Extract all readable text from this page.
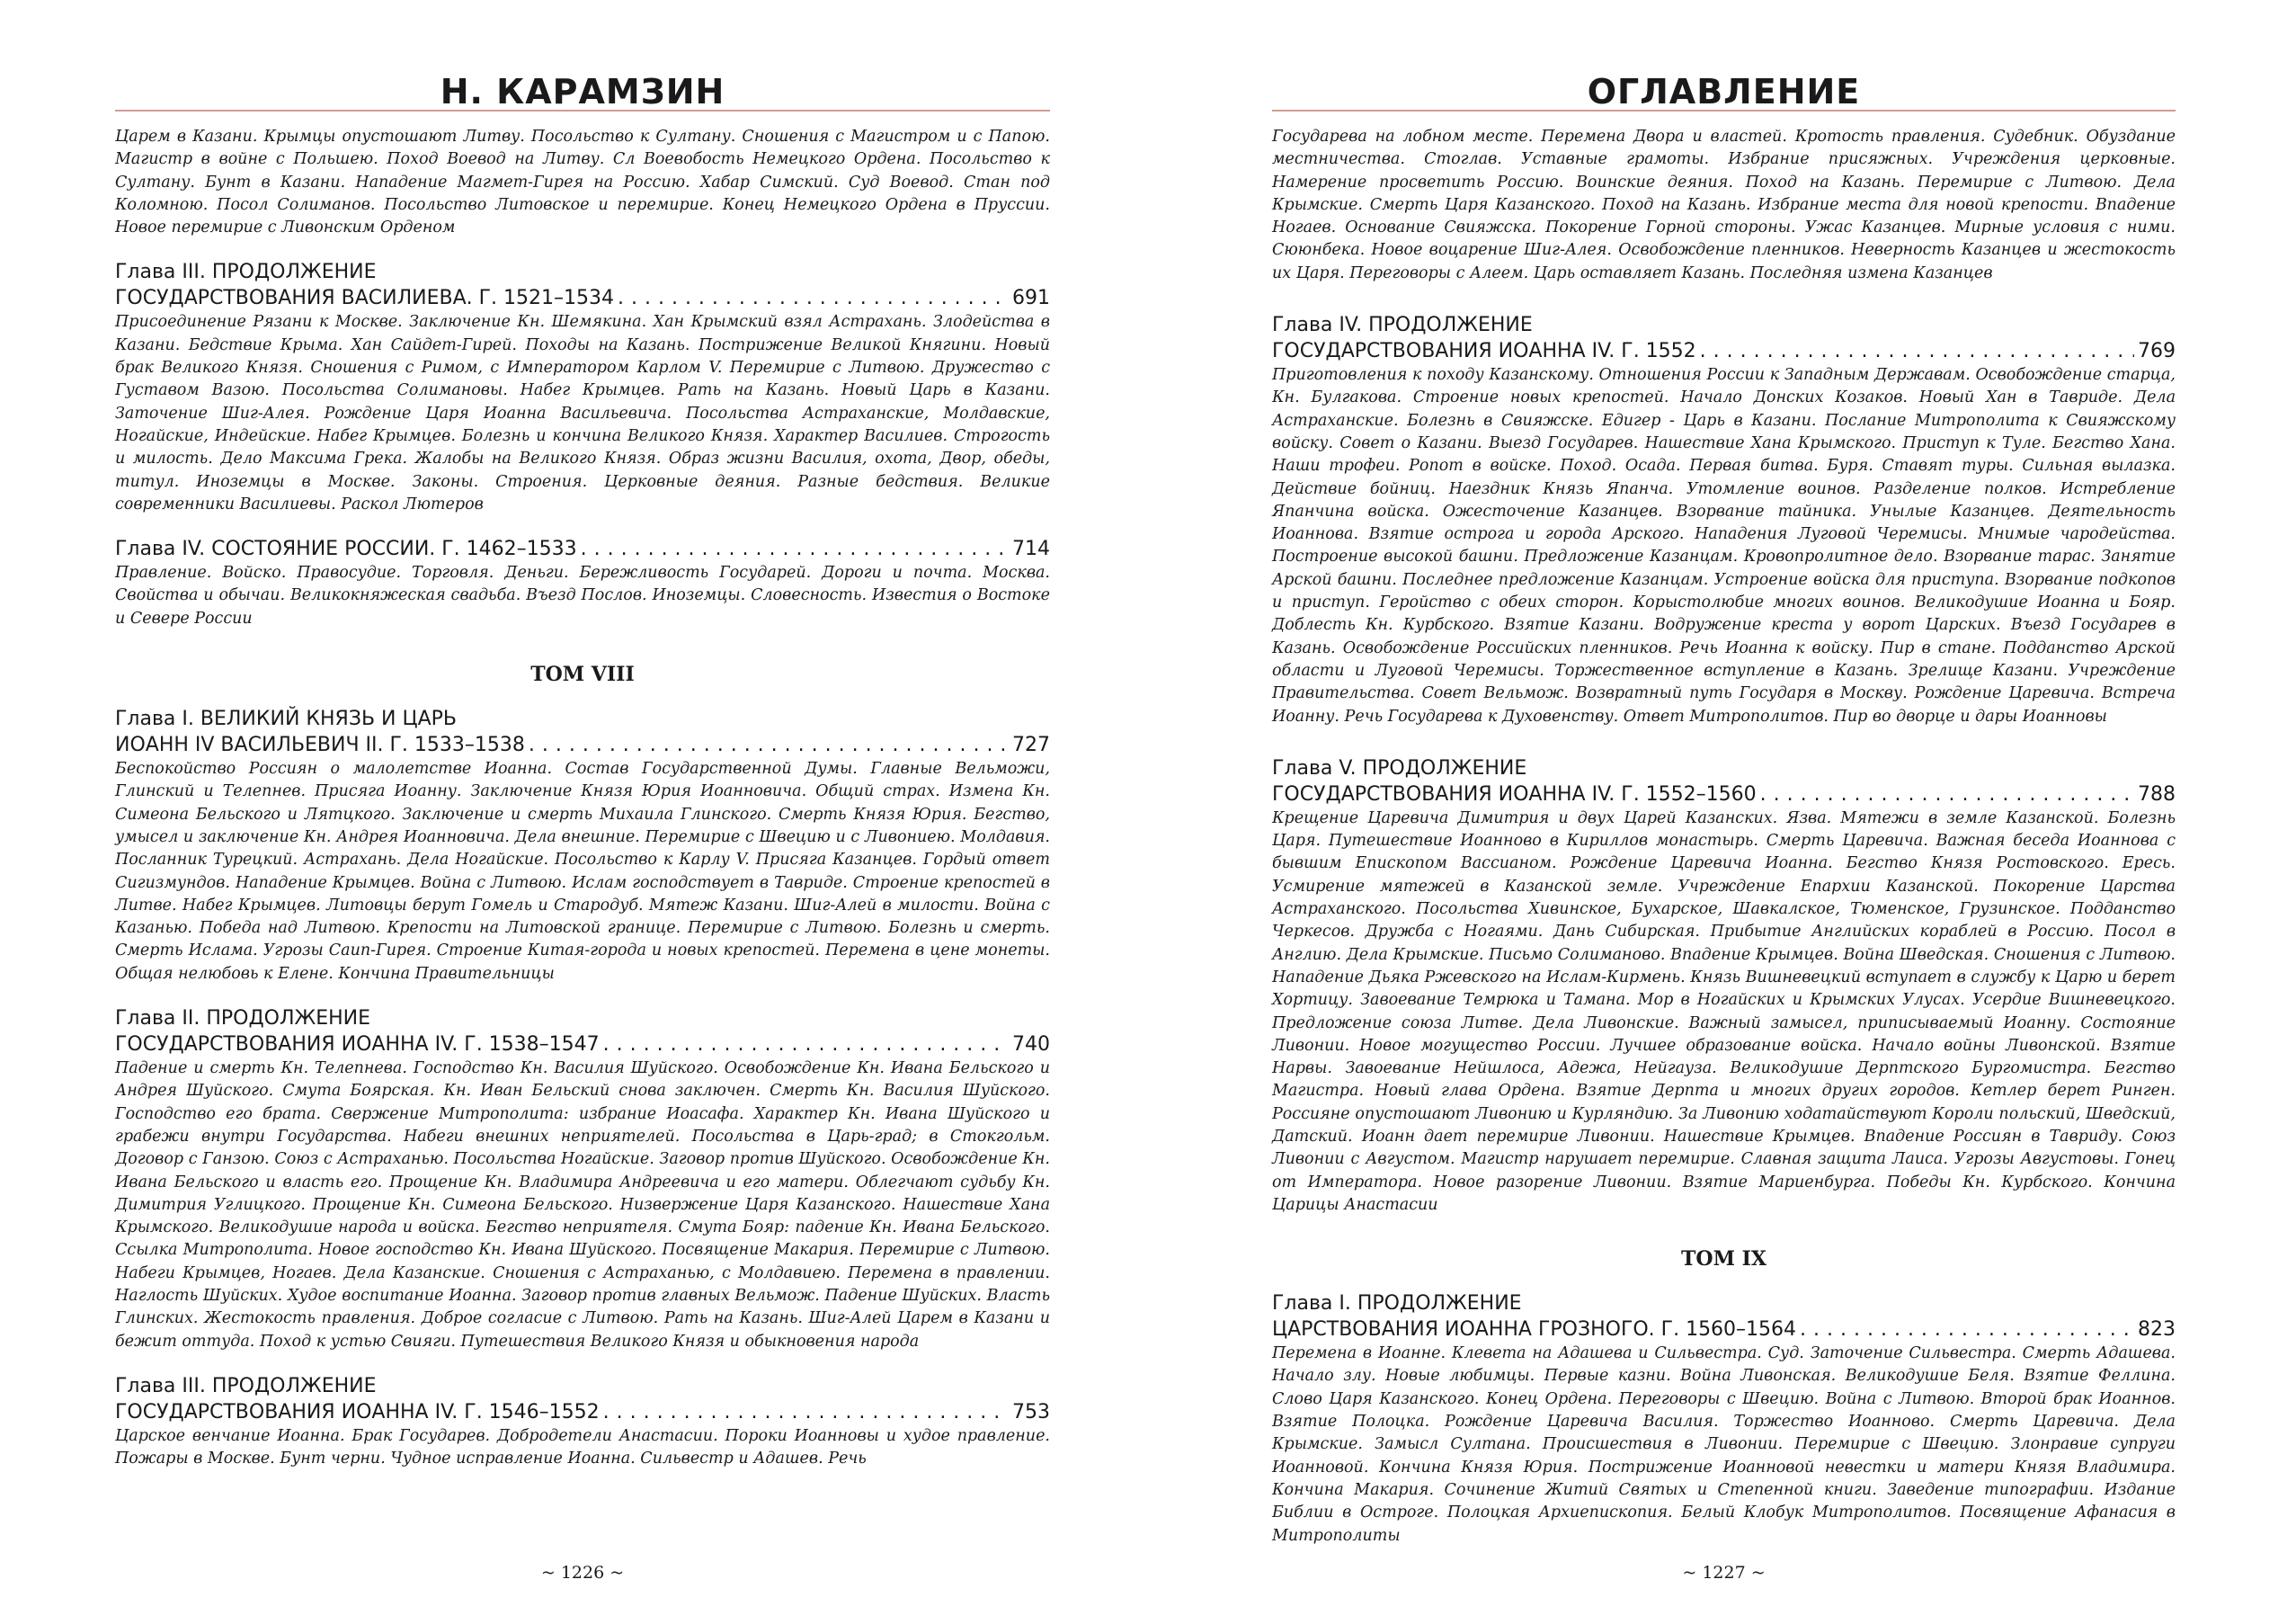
Н. КАРАМЗИН

Царем в Казани. Крымцы опустошают Литву. Посольство к Султану. Сношения с Магистром и с Папою. Магистр в войне с Польшею. Поход Воевод на Литву. Сл Воевобость Немецкого Ордена. Посольство к Султану. Бунт в Казани. Нападение Магмет-Гирея на Россию. Хабар Симский. Суд Воевод. Стан под Коломною. Посол Солиманов. Посольство Литовское и перемирие. Конец Немецкого Ордена в Пруссии. Новое перемирие с Ливонским Орденом

Глава III. ПРОДОЛЖЕНИЕ
ГОСУДАРСТВОВАНИЯ ВАСИЛИЕВА. Г. 1521–1534 . . .	691

Присоединение Рязани к Москве. Заключение Кн. Шемякина. Хан Крымский взял Астрахань. Злодейства в Казани. Бедствие Крыма. Хан Сайдет-Гирей. Походы на Казань. Пострижение Великой Княгини. Новый брак Великого Князя. Сношения с Римом, с Императором Карлом V. Перемирие с Литвою. Дружество с Густавом Вазою. Посольства Солимановы. Набег Крымцев. Рать на Казань. Новый Царь в Казани. Заточение Шиг-Алея. Рождение Царя Иоанна Васильевича. Посольства Астраханские, Молдавские, Ногайские, Индейские. Набег Крымцев. Болезнь и кончина Великого Князя. Характер Василиев. Строгость и милость. Дело Максима Грека. Жалобы на Великого Князя. Образ жизни Василия, охота, Двор, обеды, титул. Иноземцы в Москве. Законы. Строения. Церковные деяния. Разные бедствия. Великие современники Василиевы. Раскол Лютеров

Глава IV. СОСТОЯНИЕ РОССИИ. Г. 1462–1533 . . .	714

Правление. Войско. Правосудие. Торговля. Деньги. Бережливость Государей. Дороги и почта. Москва. Свойства и обычаи. Великокняжеская свадьба. Въезд Послов. Иноземцы. Словесность. Известия о Востоке и Севере России

ТОМ VIII
Глава I. ВЕЛИКИЙ КНЯЗЬ И ЦАРЬ
ИОАНН IV ВАСИЛЬЕВИЧ II. Г. 1533–1538 . . .	727

Беспокойство Россиян о малолетстве Иоанна. Состав Государственной Думы. Главные Вельможи, Глинский и Телепнев. Присяга Иоанну. Заключение Князя Юрия Иоанновича. Общий страх. Измена Кн. Симеона Бельского и Лятцкого. Заключение и смерть Михаила Глинского. Смерть Князя Юрия. Бегство, умысел и заключение Кн. Андрея Иоанновича. Дела внешние. Перемирие с Швецию и с Ливониею. Молдавия. Посланник Турецкий. Астрахань. Дела Ногайские. Посольство к Карлу V. Присяга Казанцев. Гордый ответ Сигизмундов. Нападение Крымцев. Война с Литвою. Ислам господствует в Тавриде. Строение крепостей в Литве. Набег Крымцев. Литовцы берут Гомель и Стародуб. Мятеж Казани. Шиг-Алей в милости. Война с Казанью. Победа над Литвою. Крепости на Литовской границе. Перемирие с Литвою. Болезнь и смерть. Смерть Ислама. Угрозы Саип-Гирея. Строение Китая-города и новых крепостей. Перемена в цене монеты. Общая нелюбовь к Елене. Кончина Правительницы

Глава II. ПРОДОЛЖЕНИЕ
ГОСУДАРСТВОВАНИЯ ИОАННА IV. Г. 1538–1547 . . .	740

Падение и смерть Кн. Телепнева. Господство Кн. Василия Шуйского. Освобождение Кн. Ивана Бельского и Андрея Шуйского. Смута Боярская. Кн. Иван Бельский снова заключен. Смерть Кн. Василия Шуйского. Господство его брата. Свержение Митрополита: избрание Иоасафа. Характер Кн. Ивана Шуйского и грабежи внутри Государства. Набеги внешних неприятелей. Посольства в Царь-град; в Стокгольм. Договор с Ганзою. Союз с Астраханью. Посольства Ногайские. Заговор против Шуйского. Освобождение Кн. Ивана Бельского и власть его. Прощение Кн. Владимира Андреевича и его матери. Облегчают судьбу Кн. Димитрия Углицкого. Прощение Кн. Симеона Бельского. Низвержение Царя Казанского. Нашествие Хана Крымского. Великодушие народа и войска. Бегство неприятеля. Смута Бояр: падение Кн. Ивана Бельского. Ссылка Митрополита. Новое господство Кн. Ивана Шуйского. Посвящение Макария. Перемирие с Литвою. Набеги Крымцев, Ногаев. Дела Казанские. Сношения с Астраханью, с Молдавиею. Перемена в правлении. Наглость Шуйских. Худое воспитание Иоанна. Заговор против главных Вельмож. Падение Шуйских. Власть Глинских. Жестокость правления. Доброе согласие с Литвою. Рать на Казань. Шиг-Алей Царем в Казани и бежит оттуда. Поход к устью Свияги. Путешествия Великого Князя и обыкновения народа

Глава III. ПРОДОЛЖЕНИЕ
ГОСУДАРСТВОВАНИЯ ИОАННА IV. Г. 1546–1552 . . .	753

Царское венчание Иоанна. Брак Государев. Добродетели Анастасии. Пороки Иоанновы и худое правление. Пожары в Москве. Бунт черни. Чудное исправление Иоанна. Сильвестр и Адашев. Речь

~ 1226 ~
ОГЛАВЛЕНИЕ

Государева на лобном месте. Перемена Двора и властей. Кротость правления. Судебник. Обуздание местничества. Стоглав. Уставные грамоты. Избрание присяжных. Учреждения церковные. Намерение просветить Россию. Воинские деяния. Поход на Казань. Перемирие с Литвою. Дела Крымские. Смерть Царя Казанского. Поход на Казань. Избрание места для новой крепости. Впадение Ногаев. Основание Свияжска. Покорение Горной стороны. Ужас Казанцев. Мирные условия с ними. Сююнбека. Новое воцарение Шиг-Алея. Освобождение пленников. Неверность Казанцев и жестокость их Царя. Переговоры с Алеем. Царь оставляет Казань. Последняя измена Казанцев

Глава IV. ПРОДОЛЖЕНИЕ
ГОСУДАРСТВОВАНИЯ ИОАННА IV. Г. 1552 . . .	769

Приготовления к походу Казанскому. Отношения России к Западным Державам. Освобождение старца, Кн. Булгакова. Строение новых крепостей. Начало Донских Козаков. Новый Хан в Тавриде. Дела Астраханские. Болезнь в Свияжске. Едигер - Царь в Казани. Послание Митрополита к Свияжскому войску. Совет о Казани. Выезд Государев. Нашествие Хана Крымского. Приступ к Туле. Бегство Хана. Наши трофеи. Ропот в войске. Поход. Осада. Первая битва. Буря. Ставят туры. Сильная вылазка. Действие бойниц. Наездник Князь Япанча. Утомление воинов. Разделение полков. Истребление Япанчина войска. Ожесточение Казанцев. Взорвание тайника. Унылые Казанцев. Деятельность Иоаннова. Взятие острога и города Арского. Нападения Луговой Черемисы. Мнимые чародейства. Построение высокой башни. Предложение Казанцам. Кровопролитное дело. Взорвание тарас. Занятие Арской башни. Последнее предложение Казанцам. Устроение войска для приступа. Взорвание подкопов и приступ. Геройство с обеих сторон. Корыстолюбие многих воинов. Великодушие Иоанна и Бояр. Доблесть Кн. Курбского. Взятие Казани. Водружение креста у ворот Царских. Въезд Государев в Казань. Освобождение Российских пленников. Речь Иоанна к войску. Пир в стане. Подданство Арской области и Луговой Черемисы. Торжественное вступление в Казань. Зрелище Казани. Учреждение Правительства. Совет Вельмож. Возвратный путь Государя в Москву. Рождение Царевича. Встреча Иоанну. Речь Государева к Духовенству. Ответ Митрополитов. Пир во дворце и дары Иоанновы

Глава V. ПРОДОЛЖЕНИЕ
ГОСУДАРСТВОВАНИЯ ИОАННА IV. Г. 1552–1560 . . .	788

Крещение Царевича Димитрия и двух Царей Казанских. Язва. Мятежи в земле Казанской. Болезнь Царя. Путешествие Иоанново в Кириллов монастырь. Смерть Царевича. Важная беседа Иоаннова с бывшим Епископом Вассианом. Рождение Царевича Иоанна. Бегство Князя Ростовского. Ересь. Усмирение мятежей в Казанской земле. Учреждение Епархии Казанской. Покорение Царства Астраханского. Посольства Хивинское, Бухарское, Шавкалское, Тюменское, Грузинское. Подданство Черкесов. Дружба с Ногаями. Дань Сибирская. Прибытие Английских кораблей в Россию. Посол в Англию. Дела Крымские. Письмо Солиманово. Впадение Крымцев. Война Шведская. Сношения с Литвою. Нападение Дьяка Ржевского на Ислам-Кирмень. Князь Вишневецкий вступает в службу к Царю и берет Хортицу. Завоевание Темрюка и Тамана. Мор в Ногайских и Крымских Улусах. Усердие Вишневецкого. Предложение союза Литве. Дела Ливонские. Важный замысел, приписываемый Иоанну. Состояние Ливонии. Новое могущество России. Лучшее образование войска. Начало войны Ливонской. Взятие Нарвы. Завоевание Нейшлоса, Адежа, Нейгауза. Великодушие Дерптского Бургомистра. Бегство Магистра. Новый глава Ордена. Взятие Дерпта и многих других городов. Кетлер берет Ринген. Россияне опустошают Ливонию и Курляндию. За Ливонию ходатайствуют Короли польский, Шведский, Датский. Иоанн дает перемирие Ливонии. Нашествие Крымцев. Впадение Россиян в Тавриду. Союз Ливонии с Августом. Магистр нарушает перемирие. Славная защита Лаиса. Угрозы Августовы. Гонец от Императора. Новое разорение Ливонии. Взятие Мариенбурга. Победы Кн. Курбского. Кончина Царицы Анастасии

ТОМ IX
Глава I. ПРОДОЛЖЕНИЕ
ЦАРСТВОВАНИЯ ИОАННА ГРОЗНОГО. Г. 1560–1564 . . .	823

Перемена в Иоанне. Клевета на Адашева и Сильвестра. Суд. Заточение Сильвестра. Смерть Адашева. Начало злу. Новые любимцы. Первые казни. Война Ливонская. Великодушие Беля. Взятие Феллина. Слово Царя Казанского. Конец Ордена. Переговоры с Швецию. Война с Литвою. Второй брак Иоаннов. Взятие Полоцка. Рождение Царевича Василия. Торжество Иоанново. Смерть Царевича. Дела Крымские. Замысл Султана. Происшествия в Ливонии. Перемирие с Швецию. Злонравие супруги Иоанновой. Кончина Князя Юрия. Пострижение Иоанновой невестки и матери Князя Владимира. Кончина Макария. Сочинение Житий Святых и Степенной книги. Заведение типографии. Издание Библии в Остроге. Полоцкая Архиепископия. Белый Клобук Митрополитов. Посвящение Афанасия в Митрополиты

~ 1227 ~
